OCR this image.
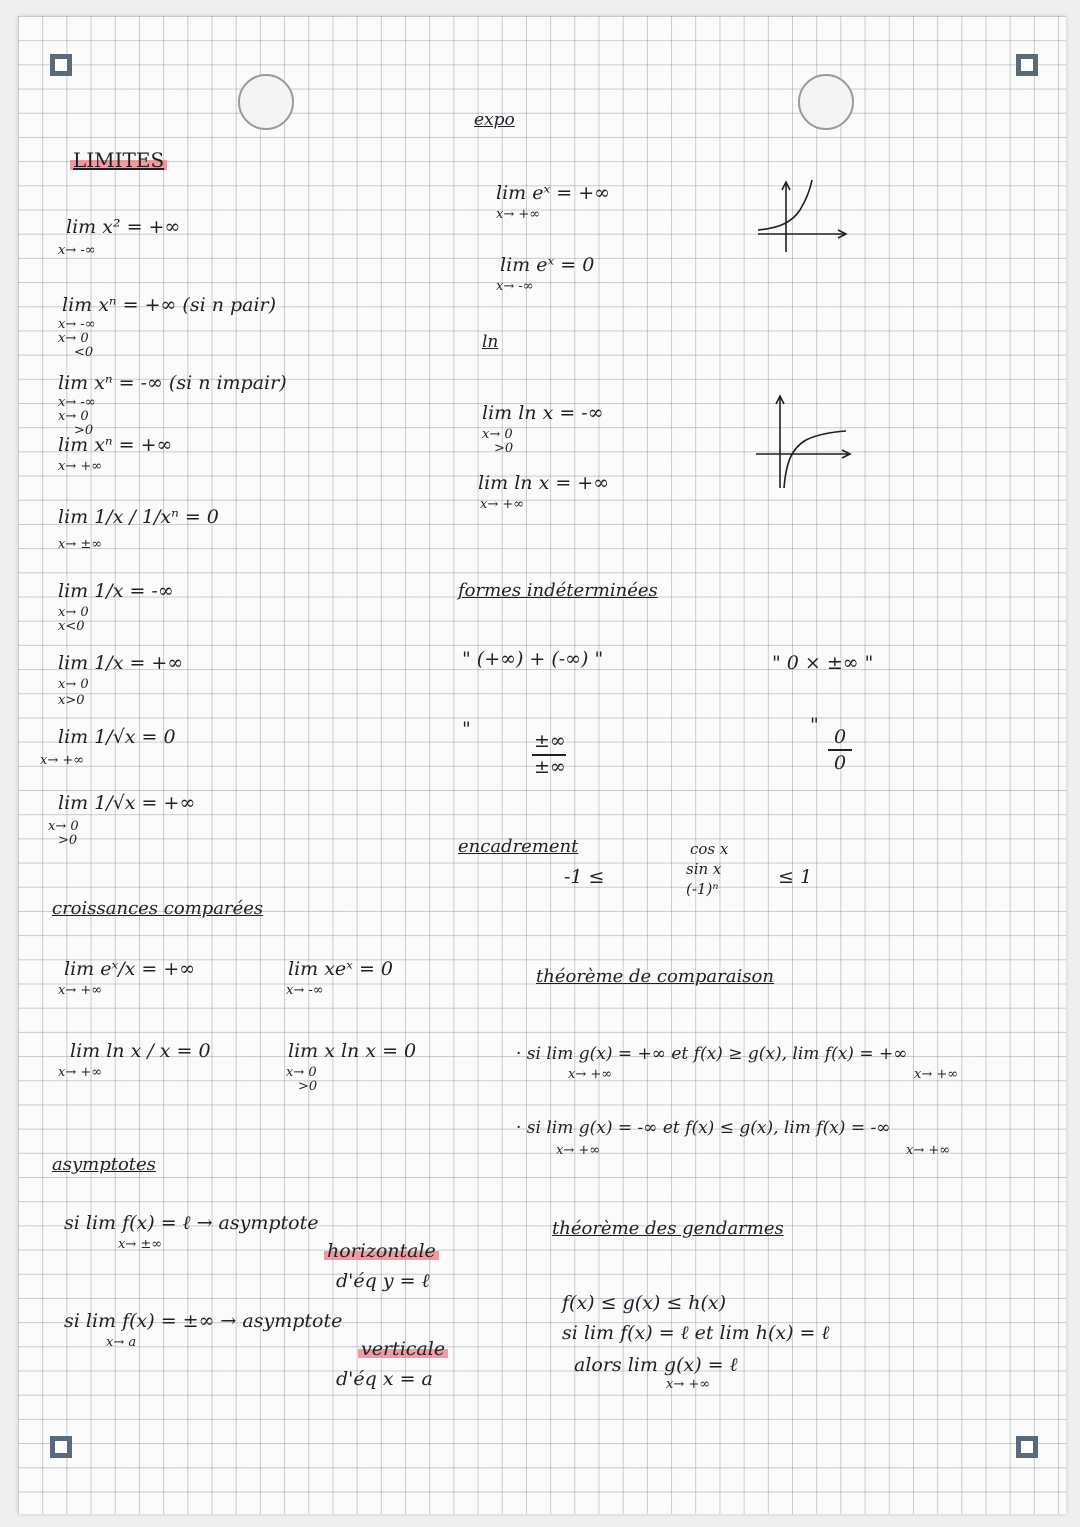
LIMITES
lim x² = +∞
x→ -∞
lim xⁿ = +∞ (si n pair)
x→ -∞
x→ 0
<0
lim xⁿ = -∞ (si n impair)
x→ -∞
x→ 0
>0
lim xⁿ = +∞
x→ +∞
lim 1/x / 1/xⁿ = 0
x→ ±∞
lim 1/x = -∞
x→ 0
x<0
lim 1/x = +∞
x→ 0
x>0
lim 1/√x = 0
x→ +∞
lim 1/√x = +∞
x→ 0
>0
croissances comparées
lim eˣ/x = +∞
x→ +∞
lim xeˣ = 0
x→ -∞
lim ln x / x = 0
x→ +∞
lim x ln x = 0
x→ 0
>0
asymptotes
si lim f(x) = ℓ → asymptote
x→ ±∞	horizontale
d'éq y = ℓ
si lim f(x) = ±∞ → asymptote
x→ a	verticale
d'éq x = a
expo
lim eˣ = +∞
x→ +∞
lim eˣ = 0
x→ -∞
ln
lim ln x = -∞
x→ 0
>0
lim ln x = +∞
x→ +∞
formes indéterminées
" (+∞) + (-∞) "	" 0 × ±∞ "
±∞
±∞
"	0
0
"
encadrement
-1 ≤
cos x
sin x
(-1)ⁿ
≤ 1
théorème de comparaison
· si lim g(x) = +∞ et f(x) ≥ g(x), lim f(x) = +∞
x→ +∞	x→ +∞
· si lim g(x) = -∞ et f(x) ≤ g(x), lim f(x) = -∞
x→ +∞	x→ +∞
théorème des gendarmes
f(x) ≤ g(x) ≤ h(x)
si lim f(x) = ℓ et lim h(x) = ℓ
alors lim g(x) = ℓ
x→ +∞
